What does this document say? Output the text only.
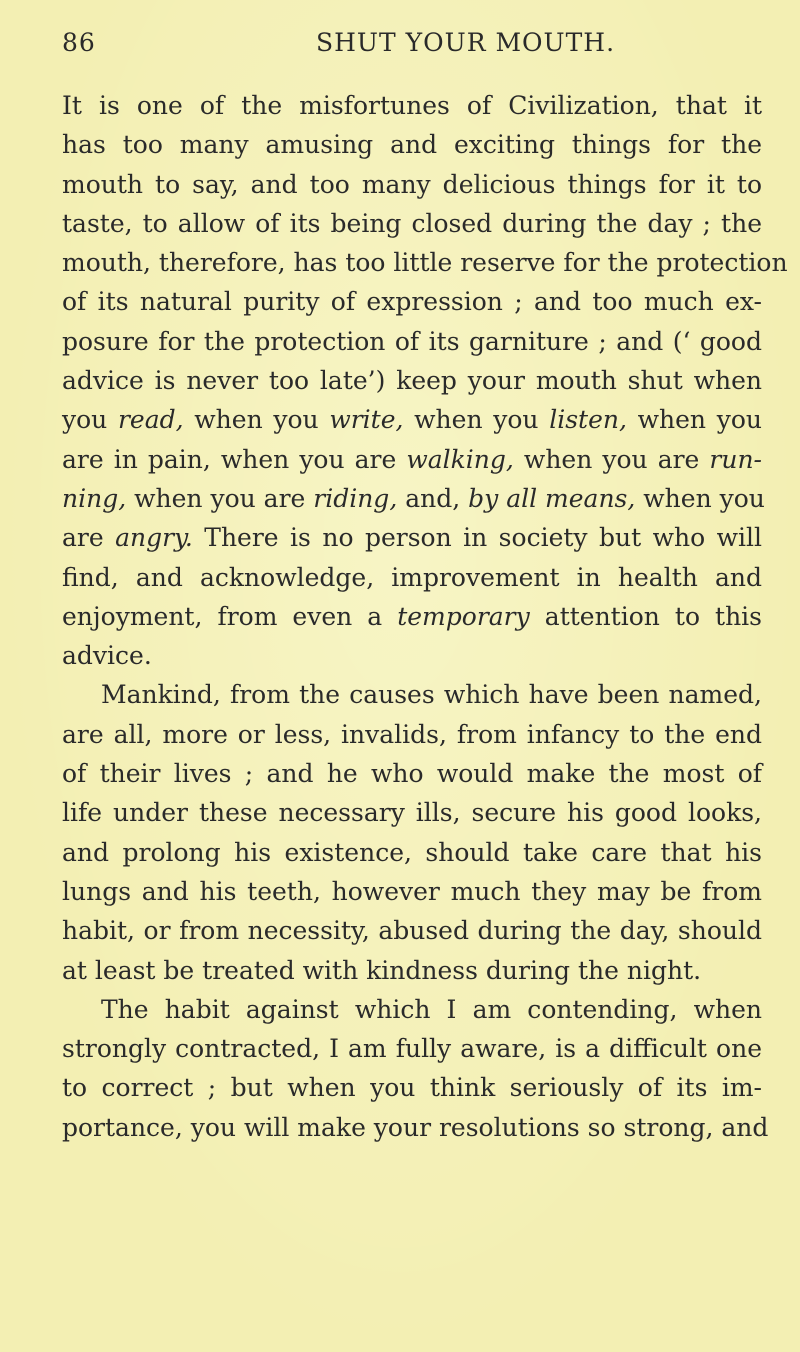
86	SHUT YOUR MOUTH.
It is one of the misfortunes of Civilization, that it
has too many amusing and exciting things for the
mouth to say, and too many delicious things for it to
taste, to allow of its being closed during the day ; the
mouth, therefore, has too little reserve for the protection
of its natural purity of expression ; and too much ex-
posure for the protection of its garniture ; and (‘ good
advice is never too late’) keep your mouth shut when
you read, when you write, when you listen, when you
are in pain, when you are walking, when you are run-
ning, when you are riding, and, by all means, when you
are angry. There is no person in society but who will
find, and acknowledge, improvement in health and
enjoyment, from even a temporary attention to this
advice.
Mankind, from the causes which have been named,
are all, more or less, invalids, from infancy to the end
of their lives ; and he who would make the most of
life under these necessary ills, secure his good looks,
and prolong his existence, should take care that his
lungs and his teeth, however much they may be from
habit, or from necessity, abused during the day, should
at least be treated with kindness during the night.
The habit against which I am contending, when
strongly contracted, I am fully aware, is a difficult one
to correct ; but when you think seriously of its im-
portance, you will make your resolutions so strong, and
